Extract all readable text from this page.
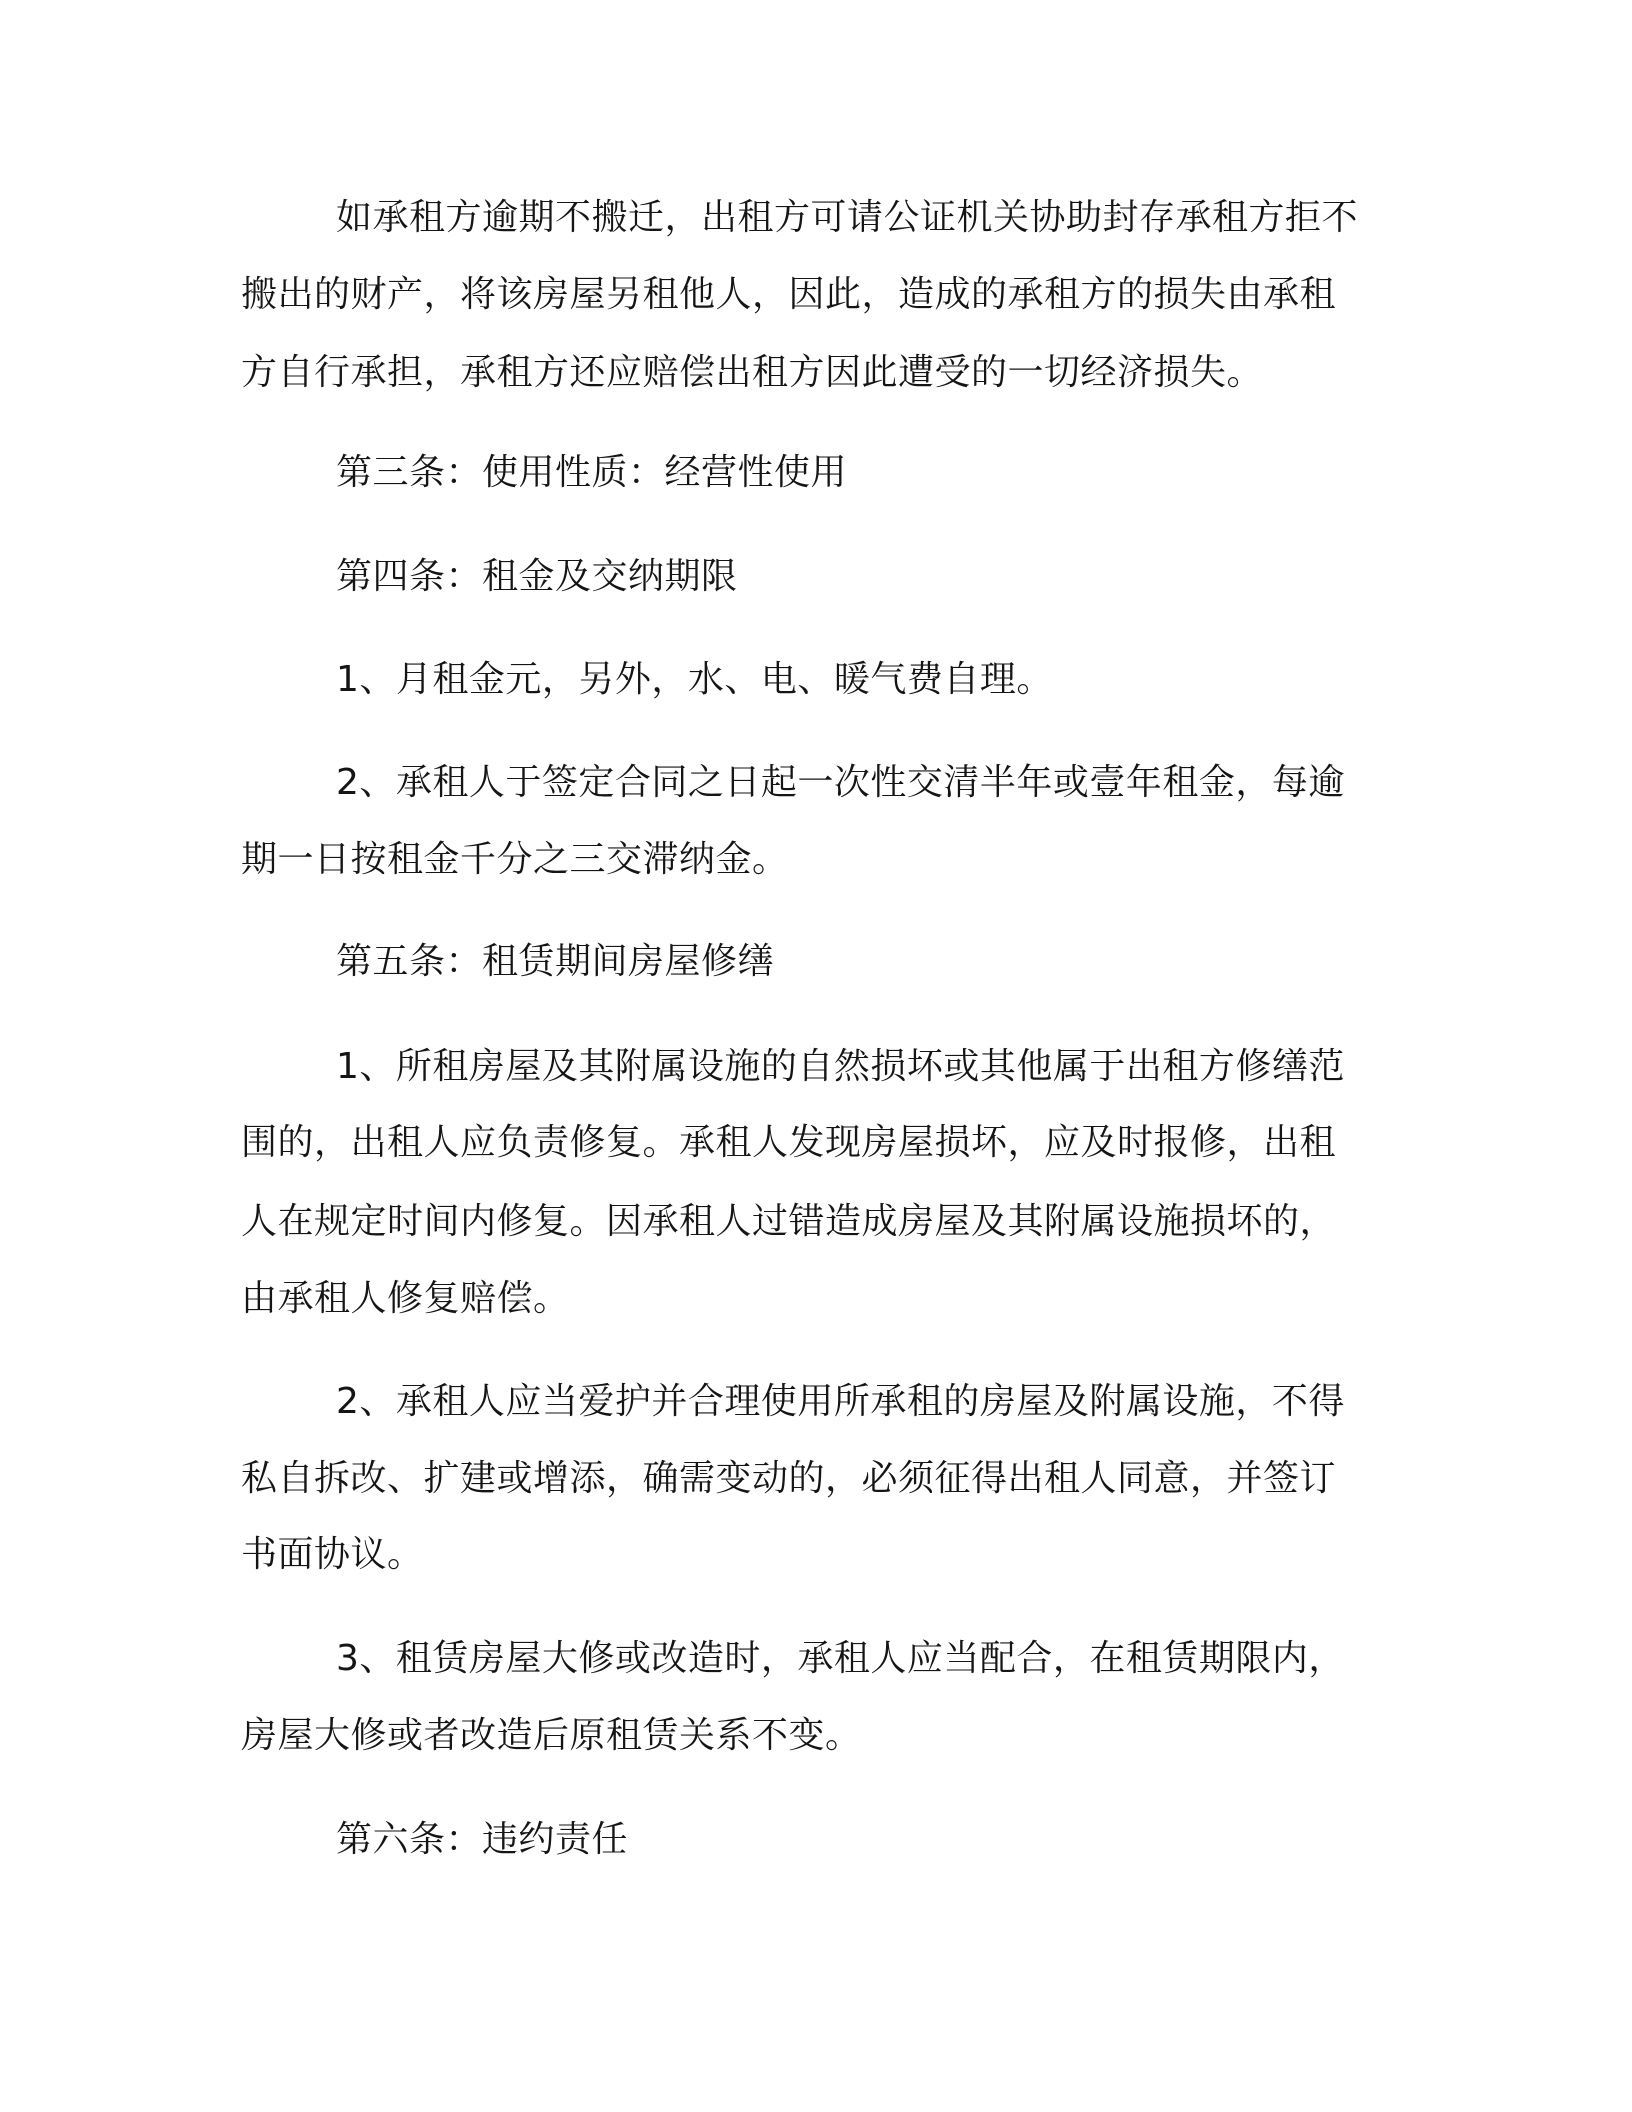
如承租方逾期不搬迁，出租方可请公证机关协助封存承租方拒不

搬出的财产，将该房屋另租他人，因此，造成的承租方的损失由承租

方自行承担，承租方还应赔偿出租方因此遭受的一切经济损失。

第三条：使用性质：经营性使用

第四条：租金及交纳期限

1、月租金元，另外，水、电、暖气费自理。

2、承租人于签定合同之日起一次性交清半年或壹年租金，每逾

期一日按租金千分之三交滞纳金。

第五条：租赁期间房屋修缮

1、所租房屋及其附属设施的自然损坏或其他属于出租方修缮范

围的，出租人应负责修复。承租人发现房屋损坏，应及时报修，出租

人在规定时间内修复。因承租人过错造成房屋及其附属设施损坏的，

由承租人修复赔偿。

2、承租人应当爱护并合理使用所承租的房屋及附属设施，不得

私自拆改、扩建或增添，确需变动的，必须征得出租人同意，并签订

书面协议。

3、租赁房屋大修或改造时，承租人应当配合，在租赁期限内，

房屋大修或者改造后原租赁关系不变。

第六条：违约责任
